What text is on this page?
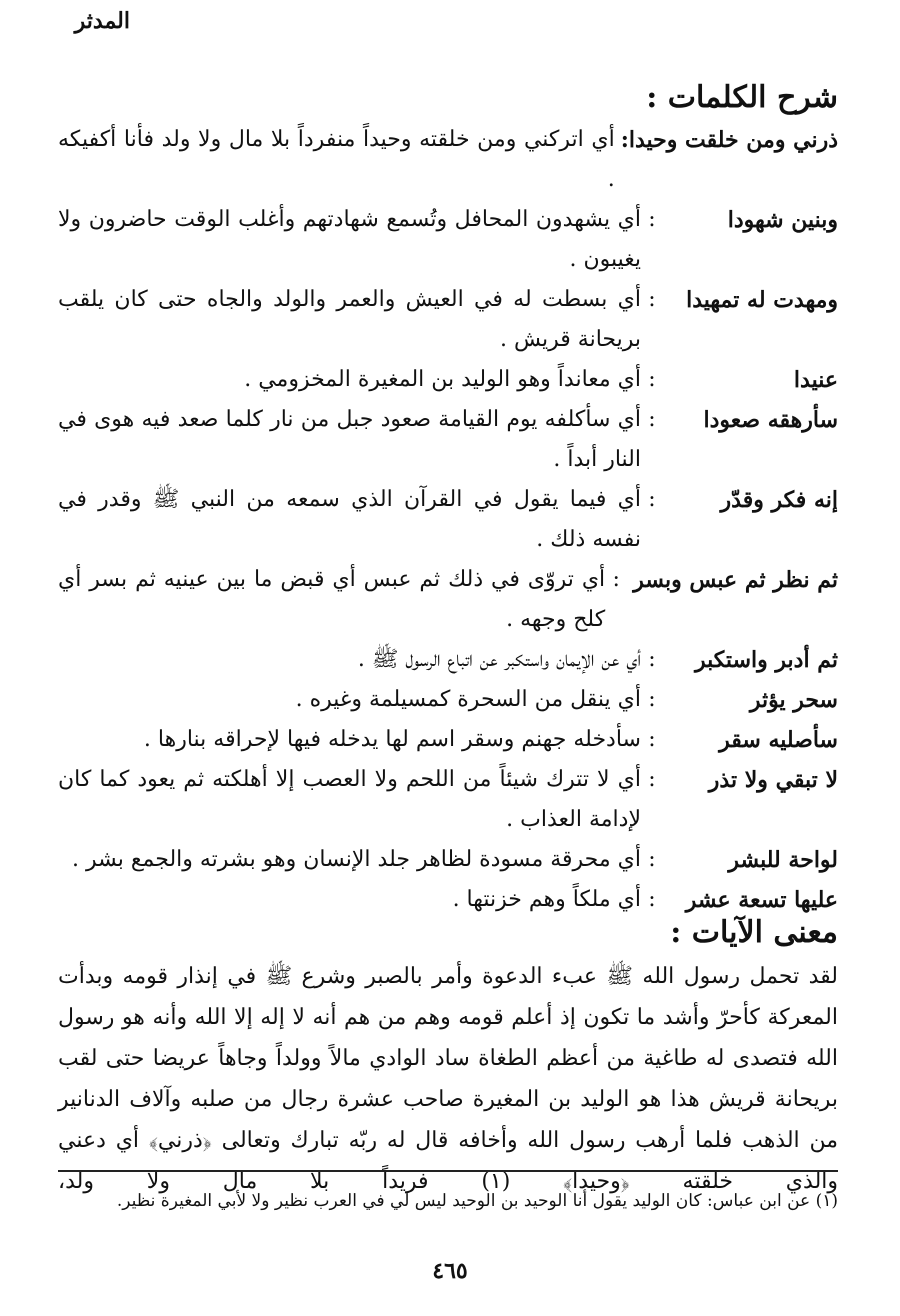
المدثر
شرح الكلمات :
ذرني ومن خلقت وحيدا:
أي اتركني ومن خلقته وحيداً منفرداً بلا مال ولا ولد فأنا أكفيكه .
وبنين شهودا
:
أي يشهدون المحافل وتُسمع شهادتهم وأغلب الوقت حاضرون ولا يغيبون .
ومهدت له تمهيدا
:
أي بسطت له في العيش والعمر والولد والجاه حتى كان يلقب بريحانة قريش .
عنيدا
:
أي معانداً وهو الوليد بن المغيرة المخزومي .
سأرهقه صعودا
:
أي سأكلفه يوم القيامة صعود جبل من نار كلما صعد فيه هوى في النار أبداً .
إنه فكر وقدّر
:
أي فيما يقول في القرآن الذي سمعه من النبي ﷺ وقدر في نفسه ذلك .
ثم نظر ثم عبس وبسر
:
أي تروّى في ذلك ثم عبس أي قبض ما بين عينيه ثم بسر أي كلح وجهه .
ثم أدبر واستكبر
:
أي عن الإيمان واستكبر عن اتباع الرسول ﷺ .
سحر يؤثر
:
أي ينقل من السحرة كمسيلمة وغيره .
سأصليه سقر
:
سأدخله جهنم وسقر اسم لها يدخله فيها لإحراقه بنارها .
لا تبقي ولا تذر
:
أي لا تترك شيئاً من اللحم ولا العصب إلا أهلكته ثم يعود كما كان لإدامة العذاب .
لواحة للبشر
:
أي محرقة مسودة لظاهر جلد الإنسان وهو بشرته والجمع بشر .
عليها تسعة عشر
:
أي ملكاً وهم خزنتها .
معنى الآيات :

لقد تحمل رسول الله ﷺ عبء الدعوة وأمر بالصبر وشرع ﷺ في إنذار قومه وبدأت المعركة كأحرّ وأشد ما تكون إذ أعلم قومه وهم من هم أنه لا إله إلا الله وأنه هو رسول الله فتصدى له طاغية من أعظم الطغاة ساد الوادي مالاً وولداً وجاهاً عريضا حتى لقب بريحانة قريش هذا هو الوليد بن المغيرة صاحب عشرة رجال من صلبه وآلاف الدنانير من الذهب فلما أرهب رسول الله وأخافه قال له ربّه تبارك وتعالى ﴿ذرني﴾ أي دعني والذي خلقته ﴿وحيدا﴾ (١) فريداً بلا مال ولا ولد،

(١) عن ابن عباس: كان الوليد يقول أنا الوحيد بن الوحيد ليس لي في العرب نظير ولا لأبي المغيرة نظير.
٤٦٥
